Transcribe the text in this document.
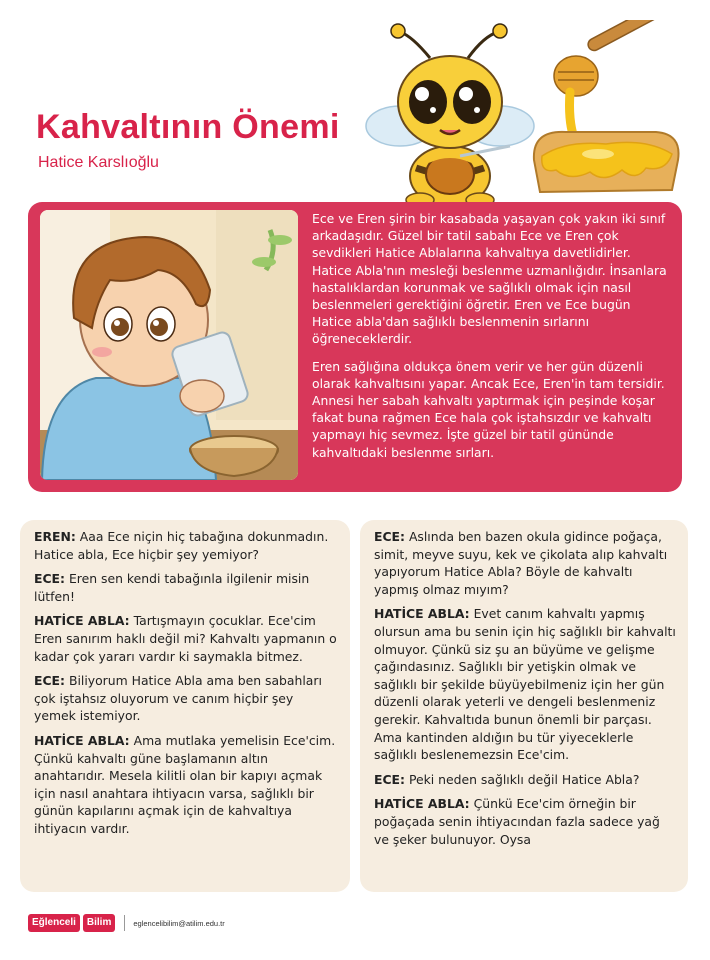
Kahvaltının Önemi
Hatice Karslıoğlu

Ece ve Eren şirin bir kasabada yaşayan çok yakın iki sınıf arkadaşıdır. Güzel bir tatil sabahı Ece ve Eren çok sevdikleri Hatice Ablalarına kahvaltıya davetlidirler. Hatice Abla'nın mesleği beslenme uzmanlığıdır. İnsanlara hastalıklardan korunmak ve sağlıklı olmak için nasıl beslenmeleri gerektiğini öğretir. Eren ve Ece bugün Hatice abla'dan sağlıklı beslenmenin sırlarını öğreneceklerdir.

Eren sağlığına oldukça önem verir ve her gün düzenli olarak kahvaltısını yapar. Ancak Ece, Eren'in tam tersidir. Annesi her sabah kahvaltı yaptırmak için peşinde koşar fakat buna rağmen Ece hala çok iştahsızdır ve kahvaltı yapmayı hiç sevmez. İşte güzel bir tatil gününde kahvaltıdaki beslenme sırları.

EREN: Aaa Ece niçin hiç tabağına dokunmadın. Hatice abla, Ece hiçbir şey yemiyor?
ECE: Eren sen kendi tabağınla ilgilenir misin lütfen!
HATİCE ABLA: Tartışmayın çocuklar. Ece'cim Eren sanırım haklı değil mi? Kahvaltı yapmanın o kadar çok yararı vardır ki saymakla bitmez.
ECE: Biliyorum Hatice Abla ama ben sabahları çok iştahsız oluyorum ve canım hiçbir şey yemek istemiyor.
HATİCE ABLA: Ama mutlaka yemelisin Ece'cim. Çünkü kahvaltı güne başlamanın altın anahtarıdır. Mesela kilitli olan bir kapıyı açmak için nasıl anahtara ihtiyacın varsa, sağlıklı bir günün kapılarını açmak için de kahvaltıya ihtiyacın vardır.
ECE: Aslında ben bazen okula gidince poğaça, simit, meyve suyu, kek ve çikolata alıp kahvaltı yapıyorum Hatice Abla? Böyle de kahvaltı yapmış olmaz mıyım?
HATİCE ABLA: Evet canım kahvaltı yapmış olursun ama bu senin için hiç sağlıklı bir kahvaltı olmuyor. Çünkü siz şu an büyüme ve gelişme çağındasınız. Sağlıklı bir yetişkin olmak ve sağlıklı bir şekilde büyüyebilmeniz için her gün düzenli olarak yeterli ve dengeli beslenmeniz gerekir. Kahvaltıda bunun önemli bir parçası. Ama kantinden aldığın bu tür yiyeceklerle sağlıklı beslenemezsin Ece'cim.
ECE: Peki neden sağlıklı değil Hatice Abla?
HATİCE ABLA: Çünkü Ece'cim örneğin bir poğaçada senin ihtiyacından fazla sadece yağ ve şeker bulunuyor. Oysa
Eğlenceli	Bilim	eglencelibilim@atilim.edu.tr
